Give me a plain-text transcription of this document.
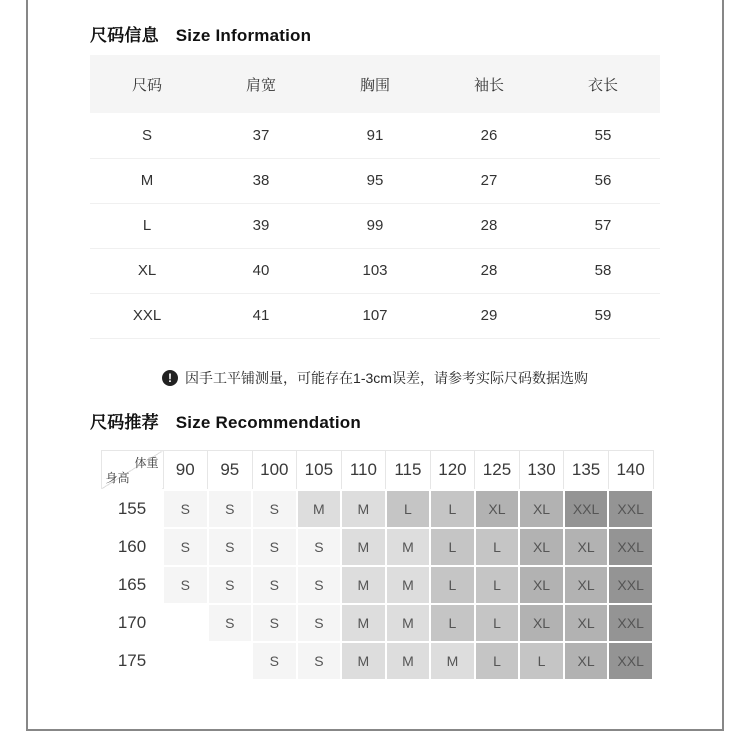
尺码信息 Size Information
尺码	肩宽	胸围	袖长	衣长
S	37	91	26	55
M	38	95	27	56
L	39	99	28	57
XL	40	103	28	58
XXL	41	107	29	59
! 因手工平铺测量，可能存在1-3cm误差，请参考实际尺码数据选购
尺码推荐 Size Recommendation
体重
身高	90	95	100	105	110	115	120	125	130	135	140
155	S	S	S	M	M	L	L	XL	XL	XXL	XXL
160	S	S	S	S	M	M	L	L	XL	XL	XXL
165	S	S	S	S	M	M	L	L	XL	XL	XXL
170		S	S	S	M	M	L	L	XL	XL	XXL
175			S	S	M	M	M	L	L	XL	XXL
